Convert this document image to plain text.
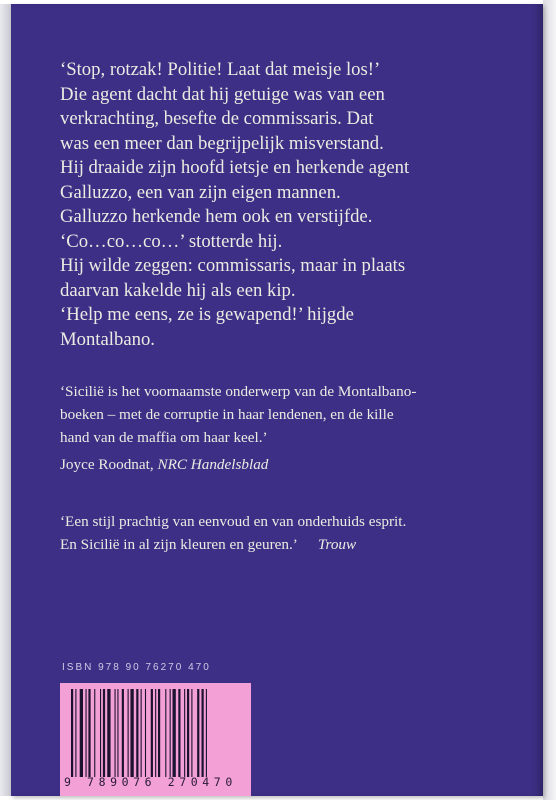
‘Stop, rotzak! Politie! Laat dat meisje los!’
Die agent dacht dat hij getuige was van een
verkrachting, besefte de commissaris. Dat
was een meer dan begrijpelijk misverstand.
Hij draaide zijn hoofd ietsje en herkende agent
Galluzzo, een van zijn eigen mannen.
Galluzzo herkende hem ook en verstijfde.
‘Co…co…co…’ stotterde hij.
Hij wilde zeggen: commissaris, maar in plaats
daarvan kakelde hij als een kip.
‘Help me eens, ze is gewapend!’ hijgde
Montalbano.
‘Sicilië is het voornaamste onderwerp van de Montalbano-
boeken – met de corruptie in haar lendenen, en de kille
hand van de maffia om haar keel.’
Joyce Roodnat, NRC Handelsblad
‘Een stijl prachtig van eenvoud en van onderhuids esprit.
En Sicilië in al zijn kleuren en geuren.’ Trouw
ISBN 978 90 76270 470
9 789076 270470
